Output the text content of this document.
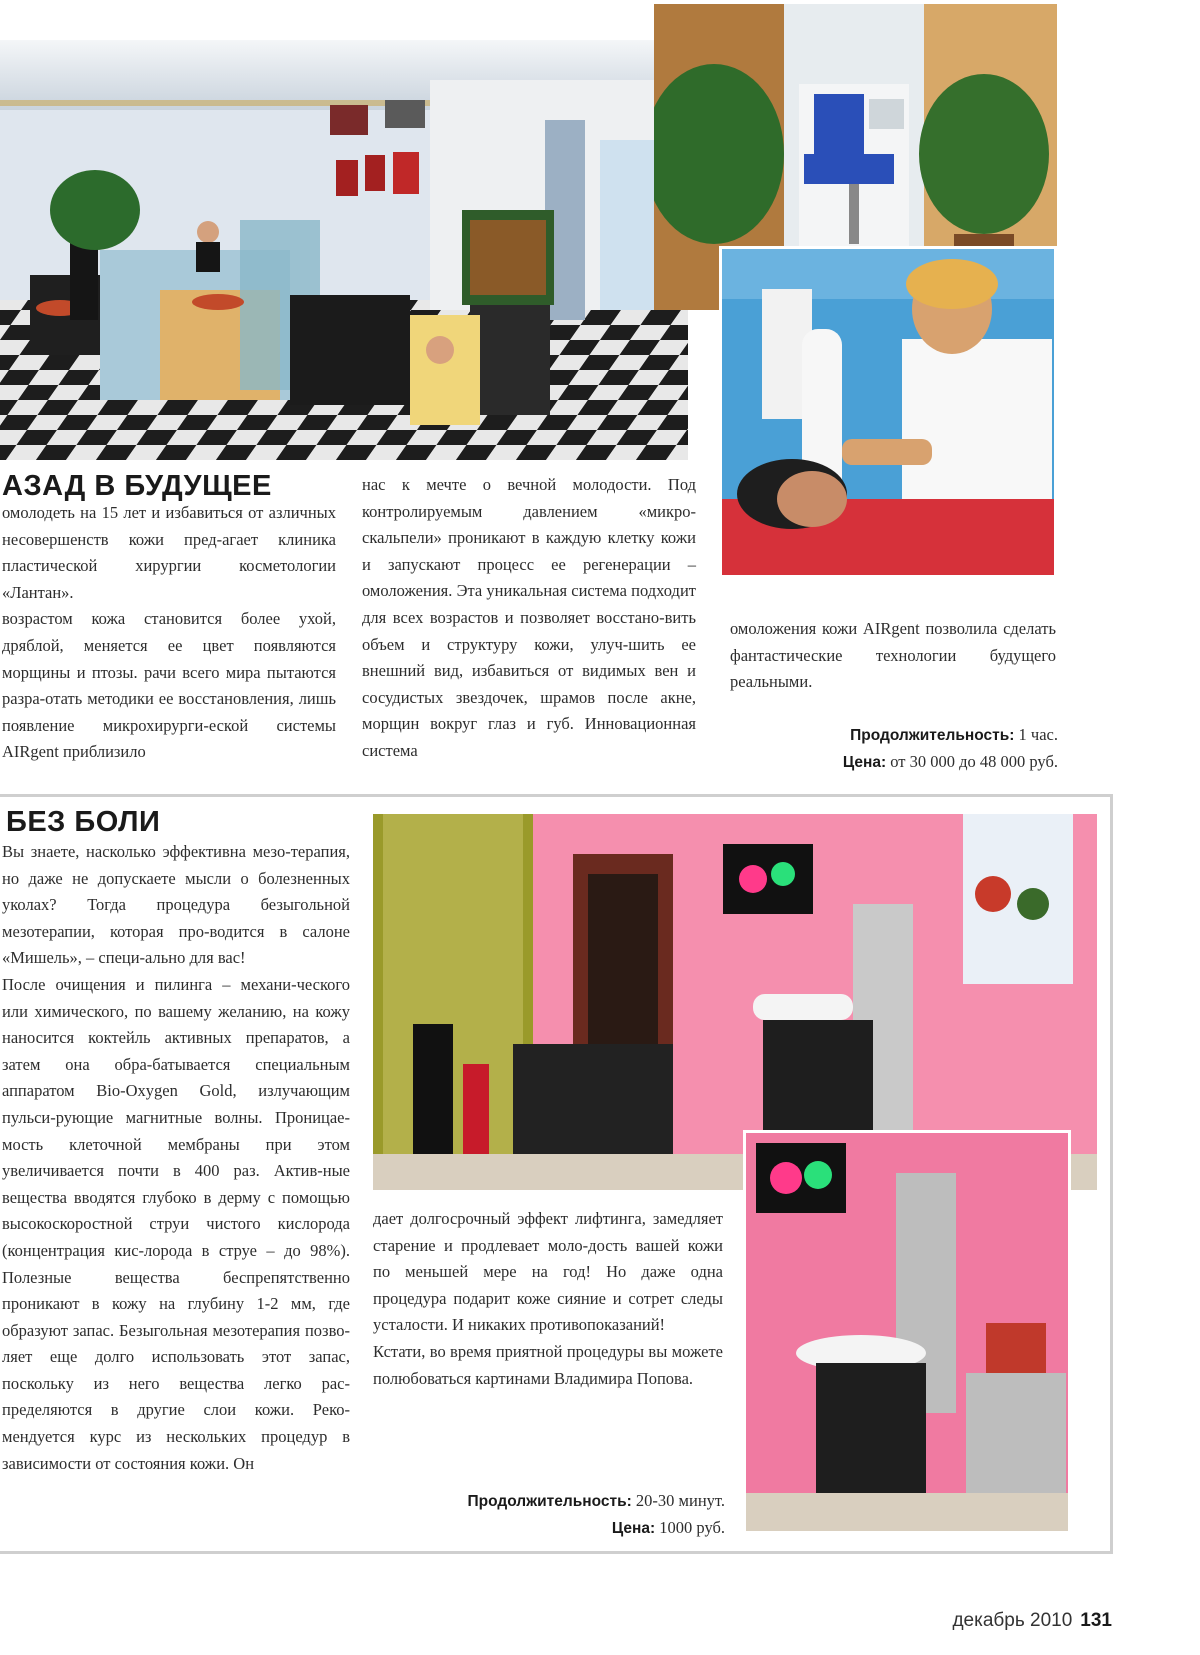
АЗАД В БУДУЩЕЕ

омолодеть на 15 лет и избавиться от азличных несовершенств кожи пред-агает клиника пластической хирургии косметологии «Лантан».

возрастом кожа становится более ухой, дряблой, меняется ее цвет появляются морщины и птозы. рачи всего мира пытаются разра-отать методики ее восстановления, лишь появление микрохирурги-еской системы AIRgent приблизило

нас к мечте о вечной молодости. Под контролируемым давлением «микро-скальпели» проникают в каждую клетку кожи и запускают процесс ее регенерации – омоложения. Эта уникальная система подходит для всех возрастов и позволяет восстано-вить объем и структуру кожи, улуч-шить ее внешний вид, избавиться от видимых вен и сосудистых звездочек, шрамов после акне, морщин вокруг глаз и губ. Инновационная система

омоложения кожи AIRgent позволила сделать фантастические технологии будущего реальными.

Продолжительность: 1 час.
Цена: от 30 000 до 48 000 руб.
БЕЗ БОЛИ

Вы знаете, насколько эффективна мезо-терапия, но даже не допускаете мысли о болезненных уколах? Тогда процедура безыгольной мезотерапии, которая про-водится в салоне «Мишель», – специ-ально для вас!

После очищения и пилинга – механи-ческого или химического, по вашему желанию, на кожу наносится коктейль активных препаратов, а затем она обра-батывается специальным аппаратом Bio-Oxygen Gold, излучающим пульси-рующие магнитные волны. Проницае-мость клеточной мембраны при этом увеличивается почти в 400 раз. Актив-ные вещества вводятся глубоко в дерму с помощью высокоскоростной струи чистого кислорода (концентрация кис-лорода в струе – до 98%). Полезные вещества беспрепятственно проникают в кожу на глубину 1-2 мм, где образуют запас. Безыгольная мезотерапия позво-ляет еще долго использовать этот запас, поскольку из него вещества легко рас-пределяются в другие слои кожи. Реко-мендуется курс из нескольких процедур в зависимости от состояния кожи. Он

дает долгосрочный эффект лифтинга, замедляет старение и продлевает моло-дость вашей кожи по меньшей мере на год! Но даже одна процедура подарит коже сияние и сотрет следы усталости. И никаких противопоказаний!

Кстати, во время приятной процедуры вы можете полюбоваться картинами Владимира Попова.

Продолжительность: 20-30 минут.
Цена: 1000 руб.
декабрь 2010 131
